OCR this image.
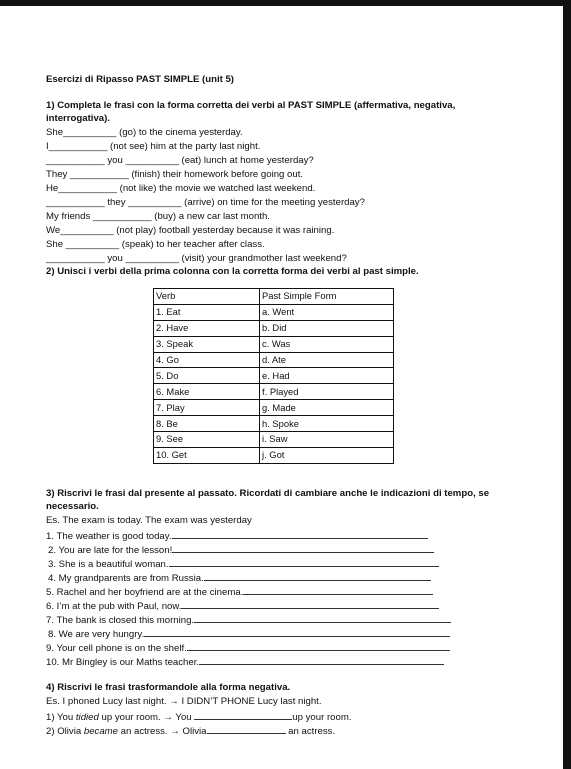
Esercizi di Ripasso PAST SIMPLE (unit 5)
1) Completa le frasi con la forma corretta dei verbi al PAST SIMPLE (affermativa, negativa,
interrogativa).
She__________ (go) to the cinema yesterday.
I___________ (not see) him at the party last night.
___________ you __________ (eat) lunch at home yesterday?
They ___________ (finish) their homework before going out.
He___________ (not like) the movie we watched last weekend.
___________ they __________ (arrive) on time for the meeting yesterday?
My friends ___________ (buy) a new car last month.
We__________ (not play) football yesterday because it was raining.
She __________ (speak) to her teacher after class.
___________ you __________ (visit) your grandmother last weekend?
2) Unisci i verbi della prima colonna con la corretta forma dei verbi al past simple.
Verb	Past Simple Form
1. Eat	a. Went
2. Have	b. Did
3. Speak	c. Was
4. Go	d. Ate
5. Do	e. Had
6. Make	f. Played
7. Play	g. Made
8. Be	h. Spoke
9. See	i. Saw
10. Get	j. Got
3) Riscrivi le frasi dal presente al passato. Ricordati di cambiare anche le indicazioni di tempo, se
necessario.
Es. The exam is today. The exam was yesterday
1. The weather is good today.
2. You are late for the lesson!
3. She is a beautiful woman.
4. My grandparents are from Russia.
5. Rachel and her boyfriend are at the cinema.
6. I’m at the pub with Paul, now.
7. The bank is closed this morning.
8. We are very hungry.
9. Your cell phone is on the shelf.
10. Mr Bingley is our Maths teacher.
4) Riscrivi le frasi trasformandole alla forma negativa.
Es. I phoned Lucy last night. → I DIDN’T PHONE Lucy last night.
1) You tidied up your room. → You	up your room.
2) Olivia became an actress. → Olivia	an actress.
